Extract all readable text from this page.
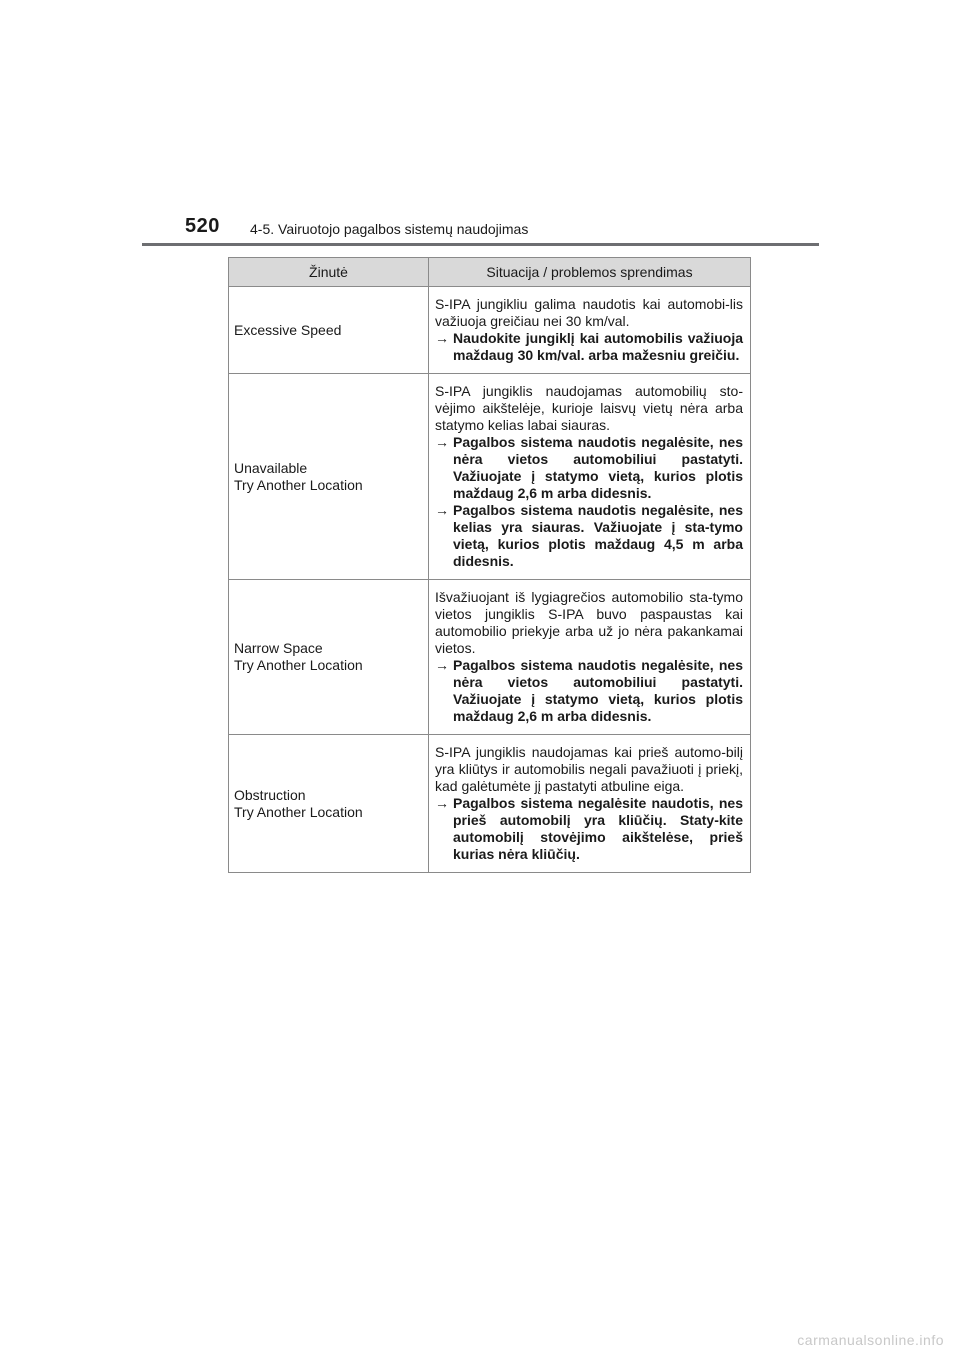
520 4-5. Vairuotojo pagalbos sistemų naudojimas
Žinutė	Situacija / problemos sprendimas

Excessive Speed	S-IPA jungikliu galima naudotis kai automobi-lis važiuoja greičiau nei 30 km/val.
→ Naudokite jungiklį kai automobilis važiuoja maždaug 30 km/val. arba mažesniu greičiu.

Unavailable
Try Another Location	S-IPA jungiklis naudojamas automobilių sto-vėjimo aikštelėje, kurioje laisvų vietų nėra arba statymo kelias labai siauras.
→ Pagalbos sistema naudotis negalėsite, nes nėra vietos automobiliui pastatyti. Važiuojate į statymo vietą, kurios plotis maždaug 2,6 m arba didesnis.
→ Pagalbos sistema naudotis negalėsite, nes kelias yra siauras. Važiuojate į sta-tymo vietą, kurios plotis maždaug 4,5 m arba didesnis.

Narrow Space
Try Another Location	Išvažiuojant iš lygiagrečios automobilio sta-tymo vietos jungiklis S-IPA buvo paspaustas kai automobilio priekyje arba už jo nėra pakankamai vietos.
→ Pagalbos sistema naudotis negalėsite, nes nėra vietos automobiliui pastatyti. Važiuojate į statymo vietą, kurios plotis maždaug 2,6 m arba didesnis.

Obstruction
Try Another Location	S-IPA jungiklis naudojamas kai prieš automo-bilį yra kliūtys ir automobilis negali pavažiuoti į priekį, kad galėtumėte jį pastatyti atbuline eiga.
→ Pagalbos sistema negalėsite naudotis, nes prieš automobilį yra kliūčių. Staty-kite automobilį stovėjimo aikštelėse, prieš kurias nėra kliūčių.
carmanualsonline.info
